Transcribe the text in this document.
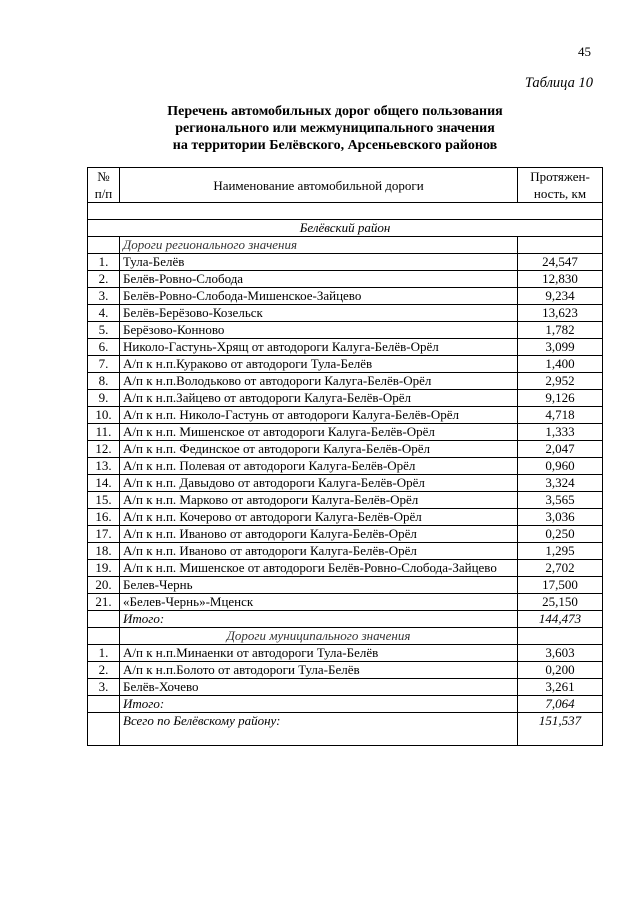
45
Таблица 10
Перечень автомобильных дорог общего пользования
регионального или межмуниципального значения
на территории Белёвского, Арсеньевского районов
№ п/п	Наименование автомобильной дороги	Протяжен-ность, км

Белёвский район		
	Дороги регионального значения	
1.	Тула-Белёв	24,547
2.	Белёв-Ровно-Слобода	12,830
3.	Белёв-Ровно-Слобода-Мишенское-Зайцево	9,234
4.	Белёв-Берёзово-Козельск	13,623
5.	Берёзово-Конново	1,782
6.	Николо-Гастунь-Хрящ от автодороги Калуга-Белёв-Орёл	3,099
7.	А/п к н.п.Кураково от автодороги Тула-Белёв	1,400
8.	А/п к н.п.Володьково от автодороги Калуга-Белёв-Орёл	2,952
9.	А/п к н.п.Зайцево от автодороги Калуга-Белёв-Орёл	9,126
10.	А/п к н.п. Николо-Гастунь от автодороги Калуга-Белёв-Орёл	4,718
11.	А/п к н.п. Мишенское от автодороги Калуга-Белёв-Орёл	1,333
12.	А/п к н.п. Фединское от автодороги Калуга-Белёв-Орёл	2,047
13.	А/п к н.п. Полевая от автодороги Калуга-Белёв-Орёл	0,960
14.	А/п к н.п. Давыдово от автодороги Калуга-Белёв-Орёл	3,324
15.	А/п к н.п. Марково от автодороги Калуга-Белёв-Орёл	3,565
16.	А/п к н.п. Кочерово от автодороги Калуга-Белёв-Орёл	3,036
17.	А/п к н.п. Иваново от автодороги Калуга-Белёв-Орёл	0,250
18.	А/п к н.п. Иваново от автодороги Калуга-Белёв-Орёл	1,295
19.	А/п к н.п. Мишенское от автодороги Белёв-Ровно-Слобода-Зайцево	2,702
20.	Белев-Чернь	17,500
21.	«Белев-Чернь»-Мценск	25,150
	Итого:	144,473
	Дороги муниципального значения	
1.	А/п к н.п.Минаенки от автодороги Тула-Белёв	3,603
2.	А/п к н.п.Болото от автодороги Тула-Белёв	0,200
3.	Белёв-Хочево	3,261
	Итого:	7,064
	Всего по Белёвскому району:	151,537
